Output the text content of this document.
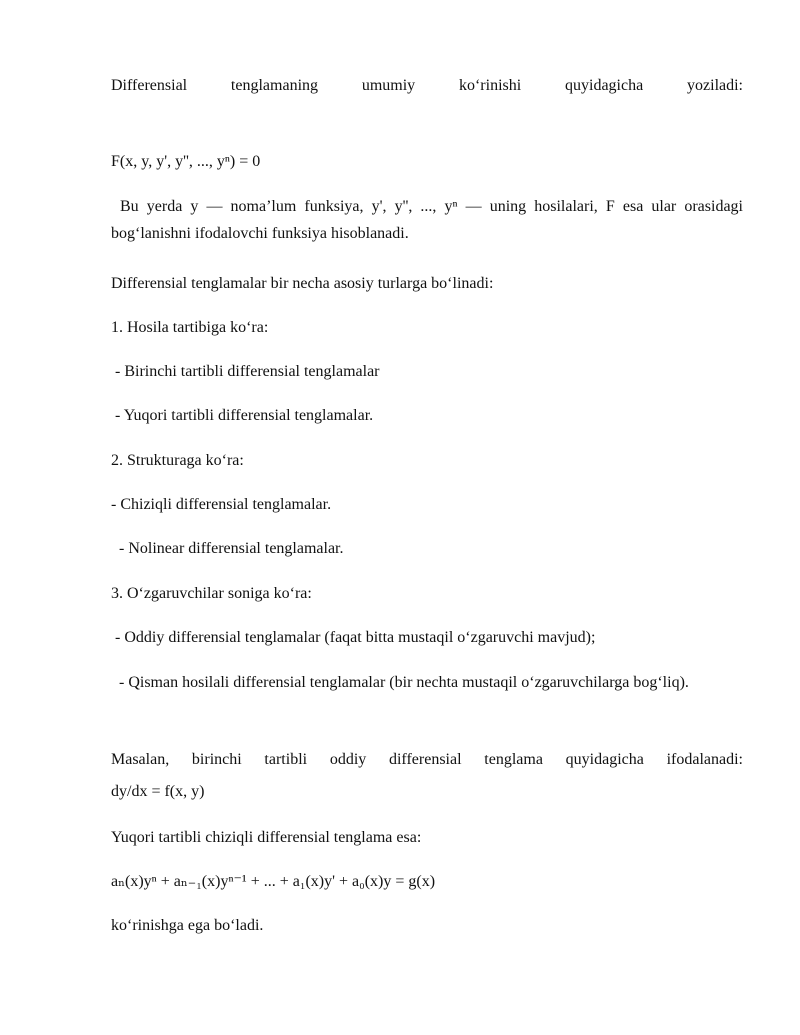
Differensial tenglamaning umumiy ko‘rinishi quyidagicha yoziladi:
F(x, y, y', y'', ..., yⁿ) = 0
Bu yerda y — noma’lum funksiya, y', y'', ..., yⁿ — uning hosilalari, F esa ular orasidagi bog‘lanishni ifodalovchi funksiya hisoblanadi.
Differensial tenglamalar bir necha asosiy turlarga bo‘linadi:
1. Hosila tartibiga ko‘ra:
- Birinchi tartibli differensial tenglamalar
- Yuqori tartibli differensial tenglamalar.
2. Strukturaga ko‘ra:
- Chiziqli differensial tenglamalar.
- Nolinear differensial tenglamalar.
3. O‘zgaruvchilar soniga ko‘ra:
- Oddiy differensial tenglamalar (faqat bitta mustaqil o‘zgaruvchi mavjud);
- Qisman hosilali differensial tenglamalar (bir nechta mustaqil o‘zgaruvchilarga bog‘liq).
Masalan, birinchi tartibli oddiy differensial tenglama quyidagicha ifodalanadi:
dy/dx = f(x, y)
Yuqori tartibli chiziqli differensial tenglama esa:
aₙ(x)yⁿ + aₙ₋₁(x)yⁿ⁻¹ + ... + a₁(x)y' + a₀(x)y = g(x)
ko‘rinishga ega bo‘ladi.
